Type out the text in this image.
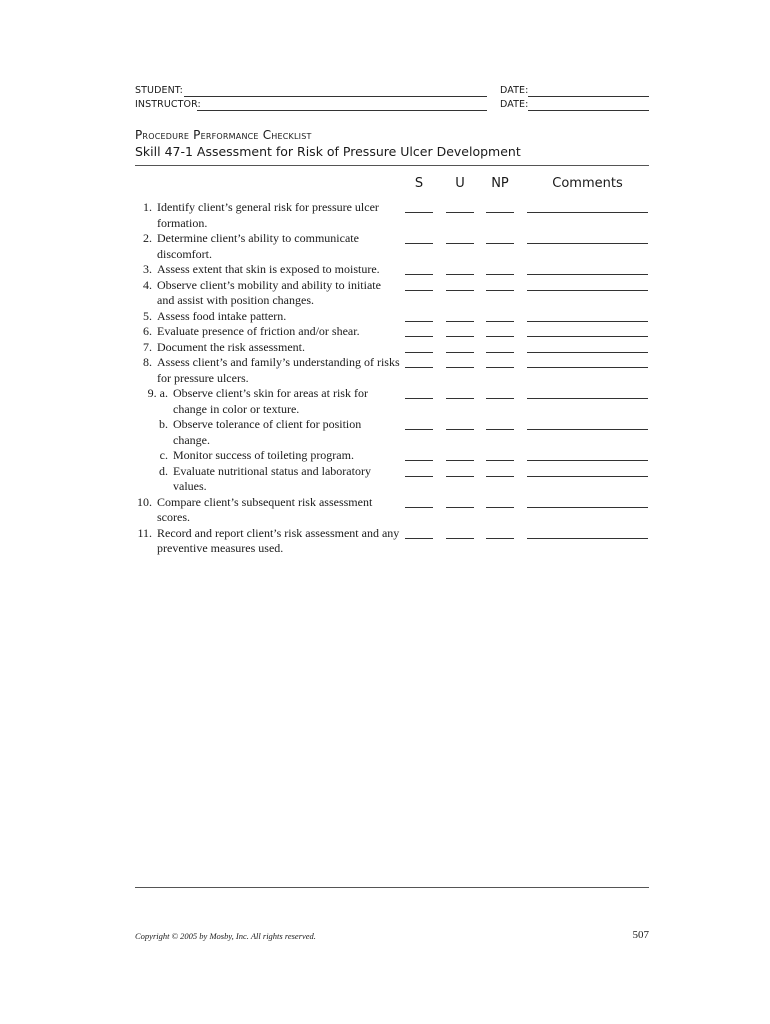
STUDENT:	DATE:
INSTRUCTOR:	DATE:
Procedure Performance Checklist
Skill 47-1 Assessment for Risk of Pressure Ulcer Development
S	U	NP	Comments
1. Identify client’s general risk for pressure ulcer formation.
2. Determine client’s ability to communicate discomfort.
3. Assess extent that skin is exposed to moisture.
4. Observe client’s mobility and ability to initiate and assist with position changes.
5. Assess food intake pattern.
6. Evaluate presence of friction and/or shear.
7. Document the risk assessment.
8. Assess client’s and family’s understanding of risks for pressure ulcers.
9. a. Observe client’s skin for areas at risk for change in color or texture.
b. Observe tolerance of client for position change.
c. Monitor success of toileting program.
d. Evaluate nutritional status and laboratory values.
10. Compare client’s subsequent risk assessment scores.
11. Record and report client’s risk assessment and any preventive measures used.
Copyright © 2005 by Mosby, Inc. All rights reserved.	507
